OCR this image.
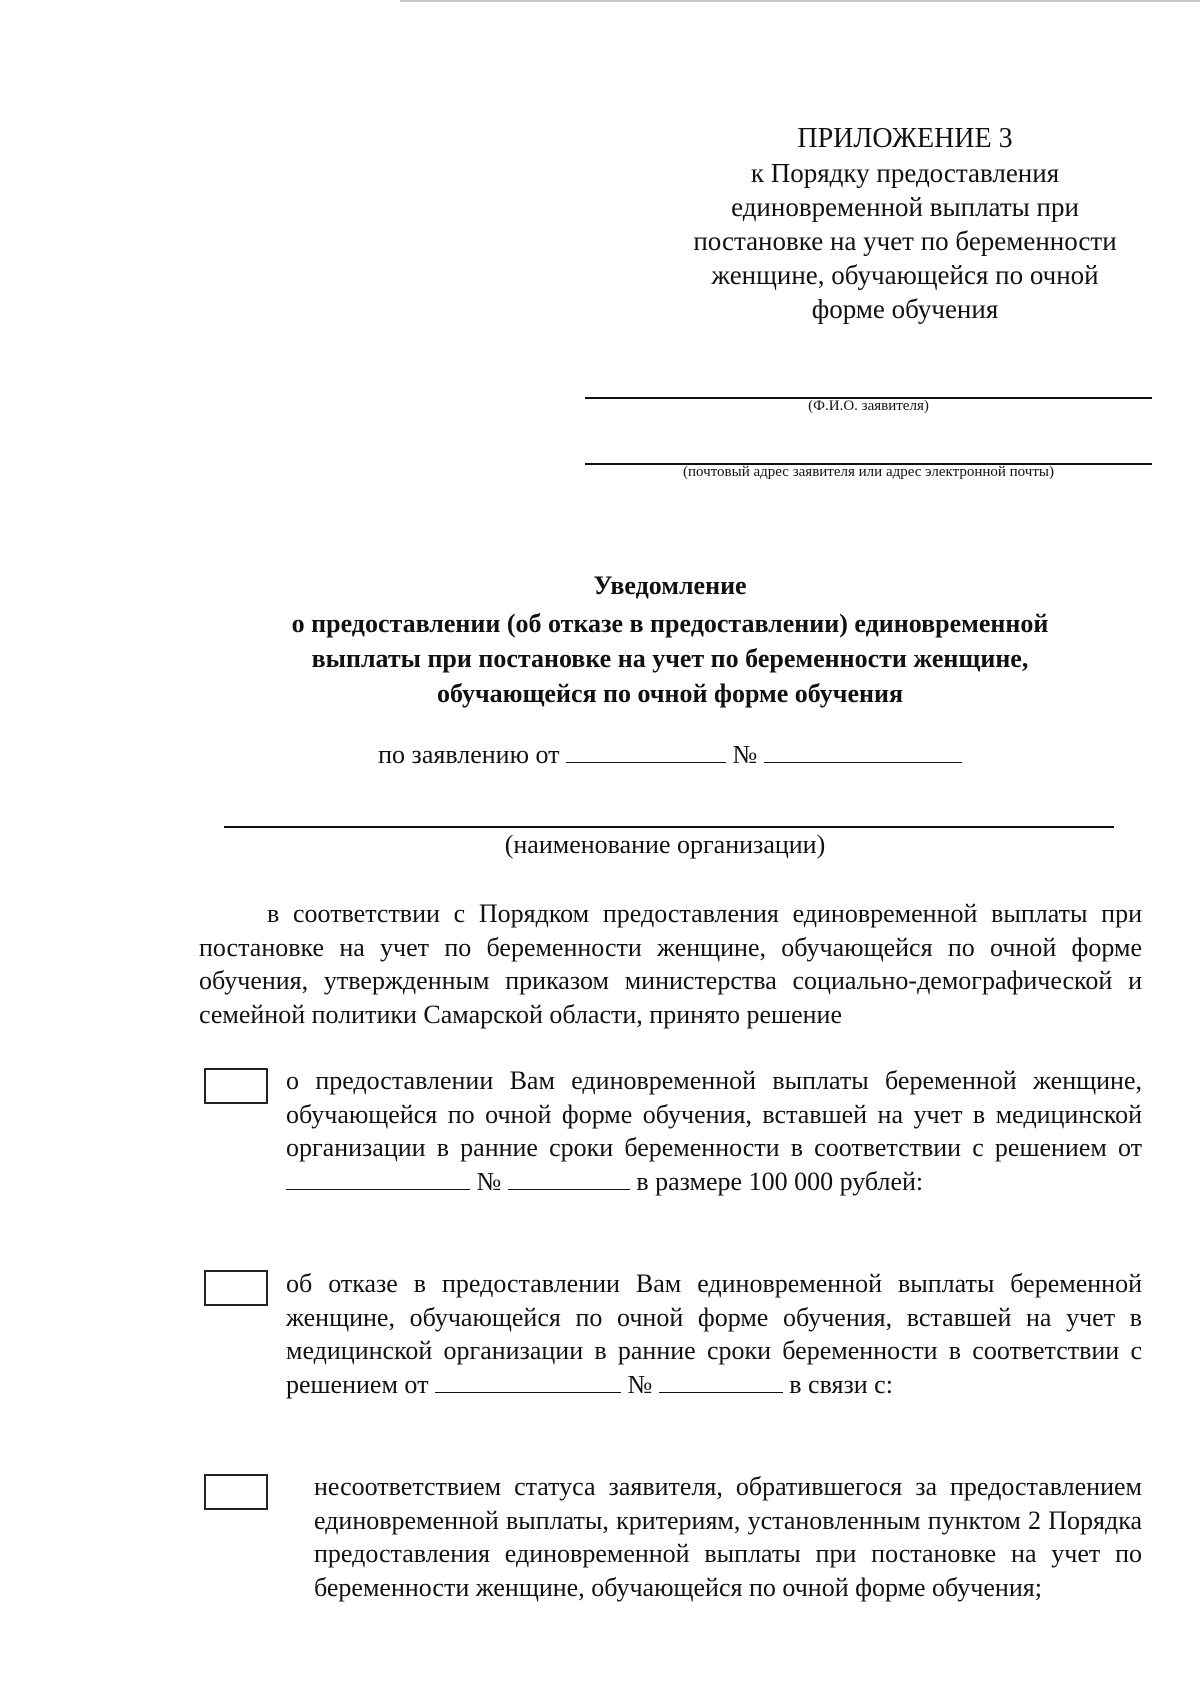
ПРИЛОЖЕНИЕ 3
к Порядку предоставления
единовременной выплаты при
постановке на учет по беременности
женщине, обучающейся по очной
форме обучения
(Ф.И.О. заявителя)
(почтовый адрес заявителя или адрес электронной почты)
Уведомление
о предоставлении (об отказе в предоставлении) единовременной
выплаты при постановке на учет по беременности женщине,
обучающейся по очной форме обучения
по заявлению от	№
(наименование организации)
в соответствии с Порядком предоставления единовременной выплаты при постановке на учет по беременности женщине, обучающейся по очной форме обучения, утвержденным приказом министерства социально-демографической и семейной политики Самарской области, принято решение
о предоставлении Вам единовременной выплаты беременной женщине, обучающейся по очной форме обучения, вставшей на учет в медицинской организации в ранние сроки беременности в соответствии с решением от  №	в размере 100 000 рублей:
об отказе в предоставлении Вам единовременной выплаты беременной женщине, обучающейся по очной форме обучения, вставшей на учет в медицинской организации в ранние сроки беременности в соответствии с решением от	№	в связи с:
несоответствием статуса заявителя, обратившегося за предоставлением единовременной выплаты, критериям, установленным пунктом 2 Порядка предоставления единовременной выплаты при постановке на учет по беременности женщине, обучающейся по очной форме обучения;
